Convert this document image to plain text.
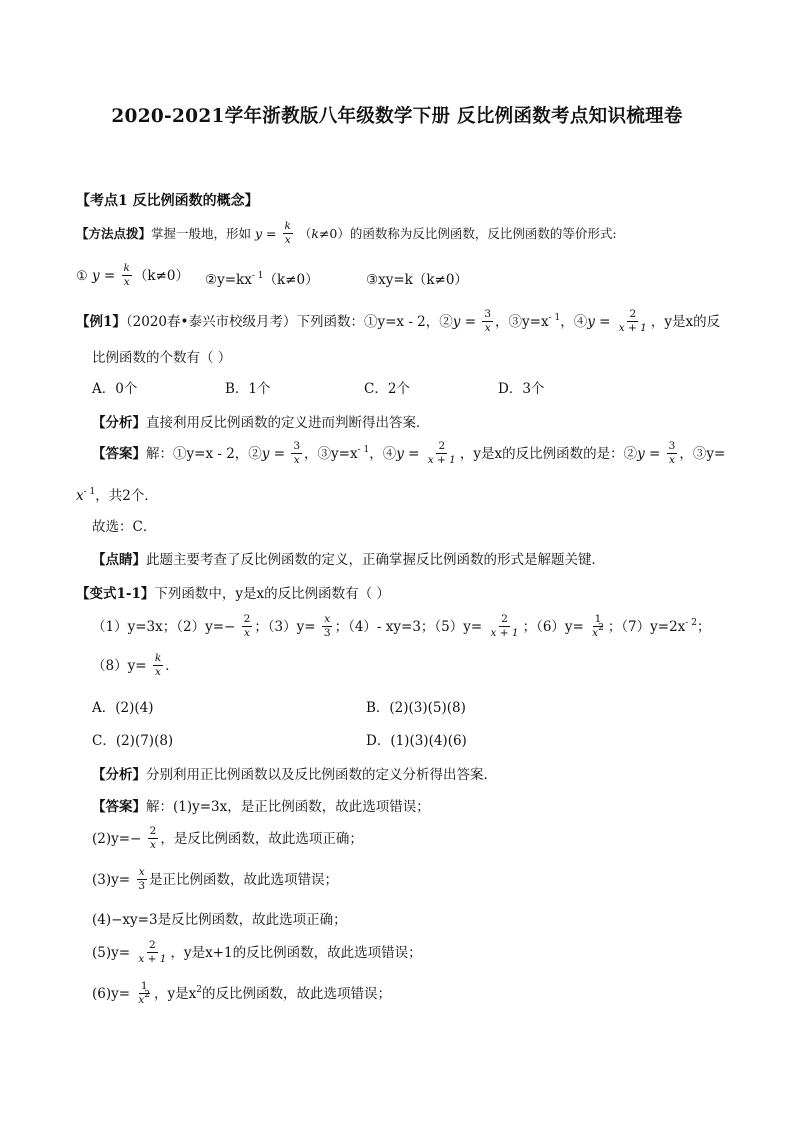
2020-2021学年浙教版八年级数学下册 反比例函数考点知识梳理卷
【考点1 反比例函数的概念】
【方法点拨】掌握一般地，形如 $y = \frac{k}{x} (k\ne 0)$的函数称为反比例函数，反比例函数的等价形式:
① $y = \frac{k}{x} (k\ne 0)$ $②y=kx^{- 1}(k\ne 0)$	③xy=k（k≠0）
【例1】（2020春•泰兴市校级月考）下列函数：①y=x - 2，②y = $\frac{3}{x}$ ，$③y=x^{- 1}$，④y = $\frac{2}{x + 1}$ ，y是x的反
比例函数的个数有（ ）
A．0个	B．1个	C．2个	D．3个
【分析】直接利用反比例函数的定义进而判断得出答案．
【答案】解：①y=x - 2，②y = $\frac{3}{x}$ ，$③y=x^{- 1}$，④y = $\frac{2}{x + 1}$ ，y是x的反比例函数的是：②y = $\frac{3}{x}$ ，③y=
$x^{- 1}$，共2个．
故选：C．
【点睛】此题主要考查了反比例函数的定义，正确掌握反比例函数的形式是解题关键．
【变式1-1】下列函数中，y是x的反比例函数有（ ）
（1）y=3x；$(2)y=- \frac{2}{x}$ ；$(3)y= \frac{x}{3}$ ；（4）- xy=3；$(5)y= \frac{2}{x + 1}$ ；$(6)y= \frac{1}{x^2}$ ；$(7)y=2x^{- 2}$；
$(8)y= \frac{k}{x}$ ．
A．(2)(4)	B．(2)(3)(5)(8)
C．(2)(7)(8)	D．(1)(3)(4)(6)
【分析】分别利用正比例函数以及反比例函数的定义分析得出答案．
【答案】解：(1)y=3x，是正比例函数，故此选项错误；
$(2)y=- \frac{2}{x}$ ，是反比例函数，故此选项正确；
$(3)y= \frac{x}{3}$ 是正比例函数，故此选项错误；
(4)−xy=3是反比例函数，故此选项正确；
$(5)y= \frac{2}{x + 1}$ ，y是x+1的反比例函数，故此选项错误；
$(6)y= \frac{1}{x^2}$ ，y是$x^2$的反比例函数，故此选项错误；
